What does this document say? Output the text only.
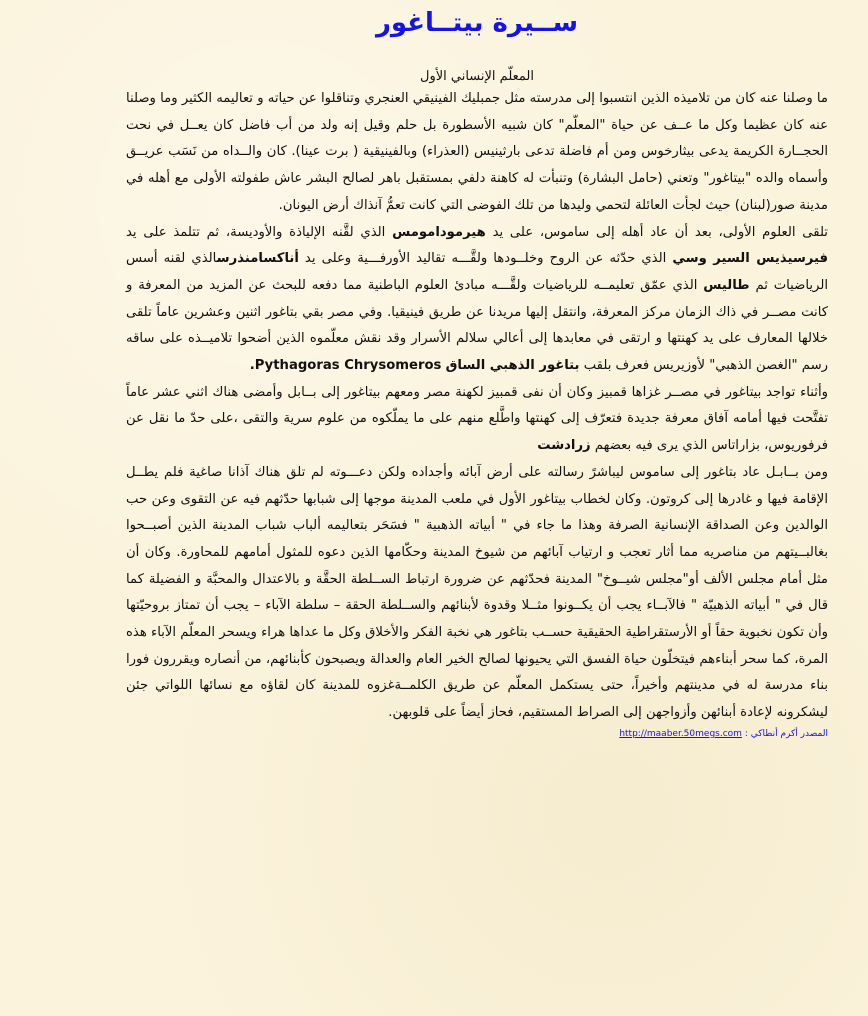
ســيرة بيتــاغور
المعلّم الإنساني الأول

ما وصلنا عنه كان من تلاميذه الذين انتسبوا إلى مدرسته مثل جمبليك الفينيقي العنجري وتناقلوا عن حياته و تعاليمه الكثير وما وصلنا عنه كان عظيما وكل ما عــف عن حياة "المعلّم" كان شبيه الأسطورة بل حلم وقيل إنه ولد من أب فاضل كان يعــل في نحت الحجــارة الكريمة يدعى بيثارخوس ومن أم فاضلة تدعى بارثينيس (العذراء) وبالفينيقية ( برت عينا). كان والــداه من نَسَب عريــق وأسماه والده "بيتاغور" وتعني (حامل البشارة) وتنبأت له كاهنة دلفي بمستقبل باهر لصالح البشر عاش طفولته الأولى مع أهله في مدينة صور(لبنان) حيث لجأت العائلة لتحمي وليدها من تلك الفوضى التي كانت تعمُّ آنذاك أرض اليونان.

تلقى العلوم الأولى، بعد أن عاد أهله إلى ساموس، على يد هيرمودامومس الذي لقَّنه الإلياذة والأوديسة، ثم تتلمذ على يد فيرسيذيس السير وسي الذي حدّثه عن الروح وخلــودها ولقَّـــه تقاليد الأورفـــية وعلى يد أناكسامنذرسالذي لقنه أسس الرياضيات ثم طاليس الذي عمّق تعليمــه للرياضيات ولقَّـــه مبادئ العلوم الباطنية مما دفعه للبحث عن المزيد من المعرفة و كانت مصــر في ذاك الزمان مركز المعرفة، وانتقل إليها مريدنا عن طريق فينيقيا. وفي مصر بقي بتاغور اثنين وعشرين عاماً تلقى خلالها المعارف على يد كهنتها و ارتقى في معابدها إلى أعالي سلالم الأسرار وقد نقش معلّموه الذين أضحوا تلاميــذه على ساقه رسم "الغصن الذهبي" لأوزيريس فعرف بلقب بتاغور الذهبي الساق Pythagoras Chrysomeros.

وأثناء تواجد بيتاغور في مصــر غزاها قمبيز وكان أن نفى قمبيز لكهنة مصر ومعهم بيتاغور إلى بــابل وأمضى هناك اثني عشر عاماً تفتَّحت فيها أمامه آفاق معرفة جديدة فتعرّف إلى كهنتها واطَّلع منهم على ما يملّكوه من علوم سرية والتقى ،على حدّ ما نقل عن فرفوريوس، بزاراتاس الذي يرى فيه بعضهم زرادشت
ومن بــابـل عاد بتاغور إلى ساموس ليباشرً رسالته على أرض آبائه وأجداده ولكن دعـــوته لم تلق هناك آذانا صاغية فلم يطــل الإقامة فيها و غادرها إلى كروتون. وكان لخطاب بيتاغور الأول في ملعب المدينة موجها إلى شبابها حدّثهم فيه عن التقوى وعن حب الوالدين وعن الصداقة الإنسانية الصرفة وهذا ما جاء في " أبياته الذهبية " فسَحَر بتعاليمه ألباب شباب المدينة الذين أصبــحوا بغالبــيتهم من مناصريه مما أثار تعجب و ارتياب آبائهم من شيوخ المدينة وحكّامها الذين دعوه للمثول أمامهم للمحاورة. وكان أن مثل أمام مجلس الألف أو"مجلس شيــوخ" المدينة فحدّثهم عن ضرورة ارتباط الســلطة الحقَّة و بالاعتدال والمحبَّة و الفضيلة كما قال في " أبياته الذهبيّة " فالآبــاء يجب أن يكــونوا مثــلا وقدوة لأبنائهم والســلطة الحقة – سلطة الآباء – يجب أن تمتاز بروحيّتها وأن تكون نخبوية حقاً أو الأرستقراطية الحقيقية حســب بتاغور هي نخبة الفكر والأخلاق وكل ما عداها هراء ويسحر المعلّم الآباء هذه المرة، كما سحر أبناءهم فيتخلّون حياة الفسق التي يحيونها لصالح الخير العام والعدالة ويصبحون كأبنائهم، من أنصاره ويقررون فورا بناء مدرسة له في مدينتهم وأخيراً، حتى يستكمل المعلّم عن طريق الكلمــةغزوه للمدينة كان لقاؤه مع نسائها اللواتي جئن ليشكرونه لإعادة أبنائهن وأزواجهن إلى الصراط المستقيم، فحاز أيضاً على قلوبهن.

المصدر أكرم أنطاكي : http://maaber.50megs.com
